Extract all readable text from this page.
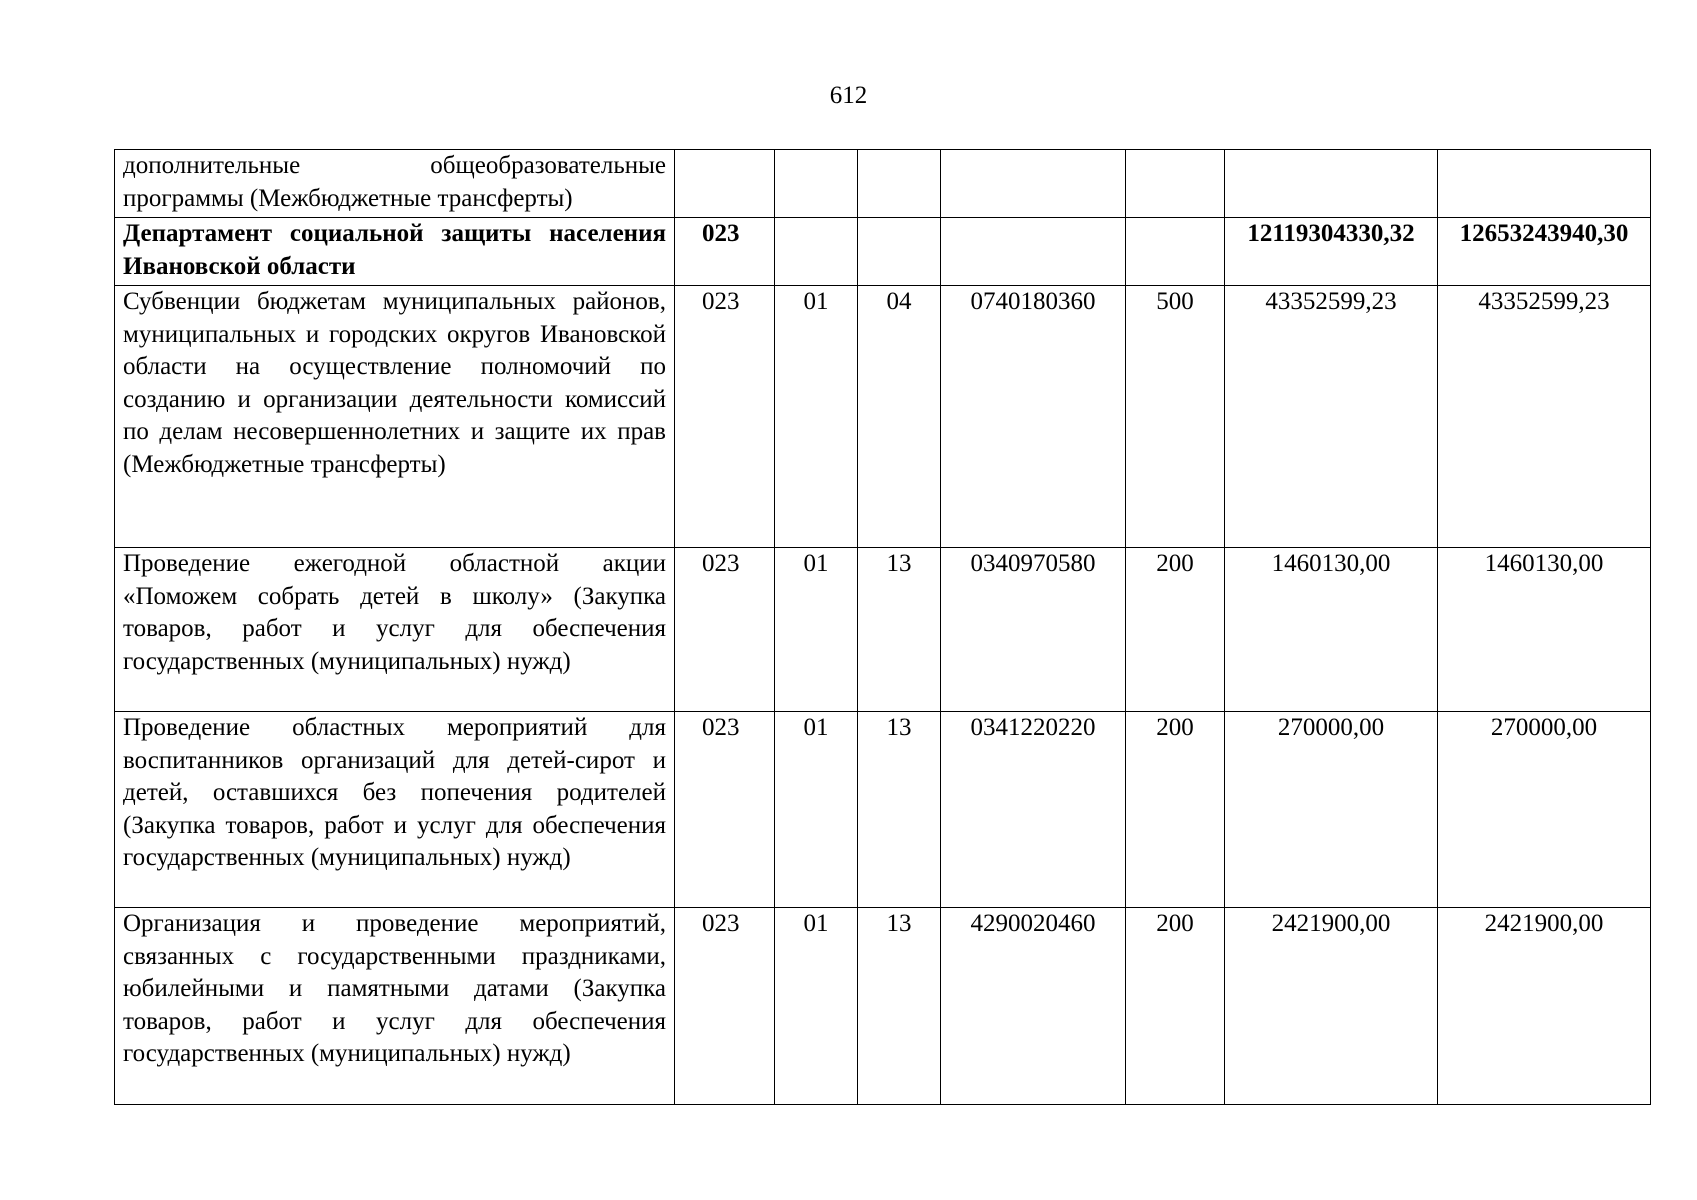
612
дополнительные общеобразовательные программы (Межбюджетные трансферты)							
Департамент социальной защиты населения Ивановской области	023					12119304330,32	12653243940,30
Субвенции бюджетам муниципальных районов, муниципальных и городских округов Ивановской области на осуществление полномочий по созданию и организации деятельности комиссий по делам несовершеннолетних и защите их прав (Межбюджетные трансферты)	023	01	04	0740180360	500	43352599,23	43352599,23
Проведение ежегодной областной акции «Поможем собрать детей в школу» (Закупка товаров, работ и услуг для обеспечения государственных (муниципальных) нужд)	023	01	13	0340970580	200	1460130,00	1460130,00
Проведение областных мероприятий для воспитанников организаций для детей-сирот и детей, оставшихся без попечения родителей (Закупка товаров, работ и услуг для обеспечения государственных (муниципальных) нужд)	023	01	13	0341220220	200	270000,00	270000,00
Организация и проведение мероприятий, связанных с государственными праздниками, юбилейными и памятными датами (Закупка товаров, работ и услуг для обеспечения государственных (муниципальных) нужд)	023	01	13	4290020460	200	2421900,00	2421900,00
